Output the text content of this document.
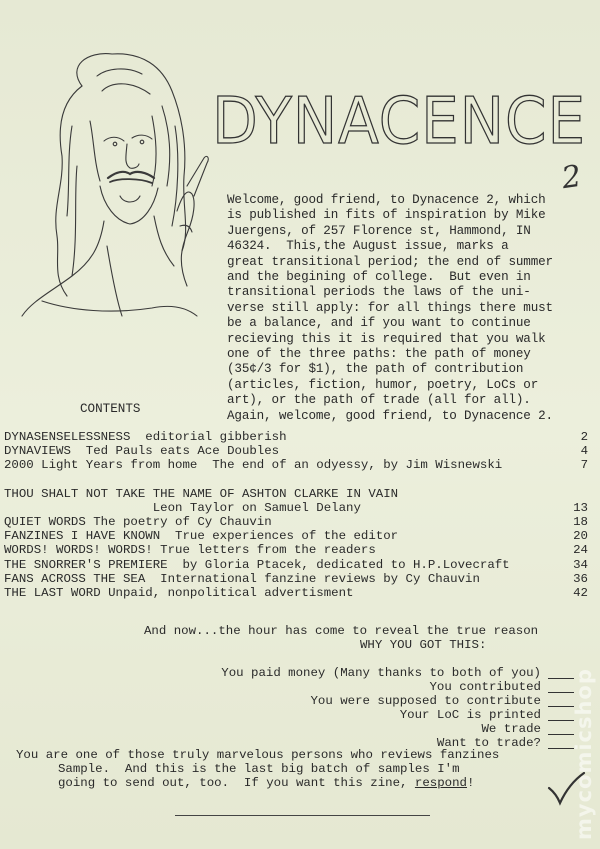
DYNACENCE
2
Welcome, good friend, to Dynacence 2, which
is published in fits of inspiration by Mike
Juergens, of 257 Florence st, Hammond, IN
46324.  This,the August issue, marks a
great transitional period; the end of summer
and the begining of college.  But even in
transitional periods the laws of the uni-
verse still apply: for all things there must
be a balance, and if you want to continue
recieving this it is required that you walk
one of the three paths: the path of money
(35¢/3 for $1), the path of contribution
(articles, fiction, humor, poetry, LoCs or
art), or the path of trade (all for all).
Again, welcome, good friend, to Dynacence 2.
CONTENTS
DYNASENSELESSNESS  editorial gibberish	2
DYNAVIEWS  Ted Pauls eats Ace Doubles	4
2000 Light Years from home  The end of an odyessy, by Jim Wisnewski	7
THOU SHALT NOT TAKE THE NAME OF ASHTON CLARKE IN VAIN
Leon Taylor on Samuel Delany	13
QUIET WORDS The poetry of Cy Chauvin	18
FANZINES I HAVE KNOWN  True experiences of the editor	20
WORDS! WORDS! WORDS! True letters from the readers	24
THE SNORRER'S PREMIERE  by Gloria Ptacek, dedicated to H.P.Lovecraft	34
FANS ACROSS THE SEA  International fanzine reviews by Cy Chauvin	36
THE LAST WORD Unpaid, nonpolitical advertisment	42
And now...the hour has come to reveal the true reason
WHY YOU GOT THIS:
You paid money (Many thanks to both of you)
You contributed
You were supposed to contribute
Your LoC is printed
We trade
Want to trade?
You are one of those truly marvelous persons who reviews fanzines
Sample.  And this is the last big batch of samples I'm
going to send out, too.  If you want this zine, respond!	mycomicshop
